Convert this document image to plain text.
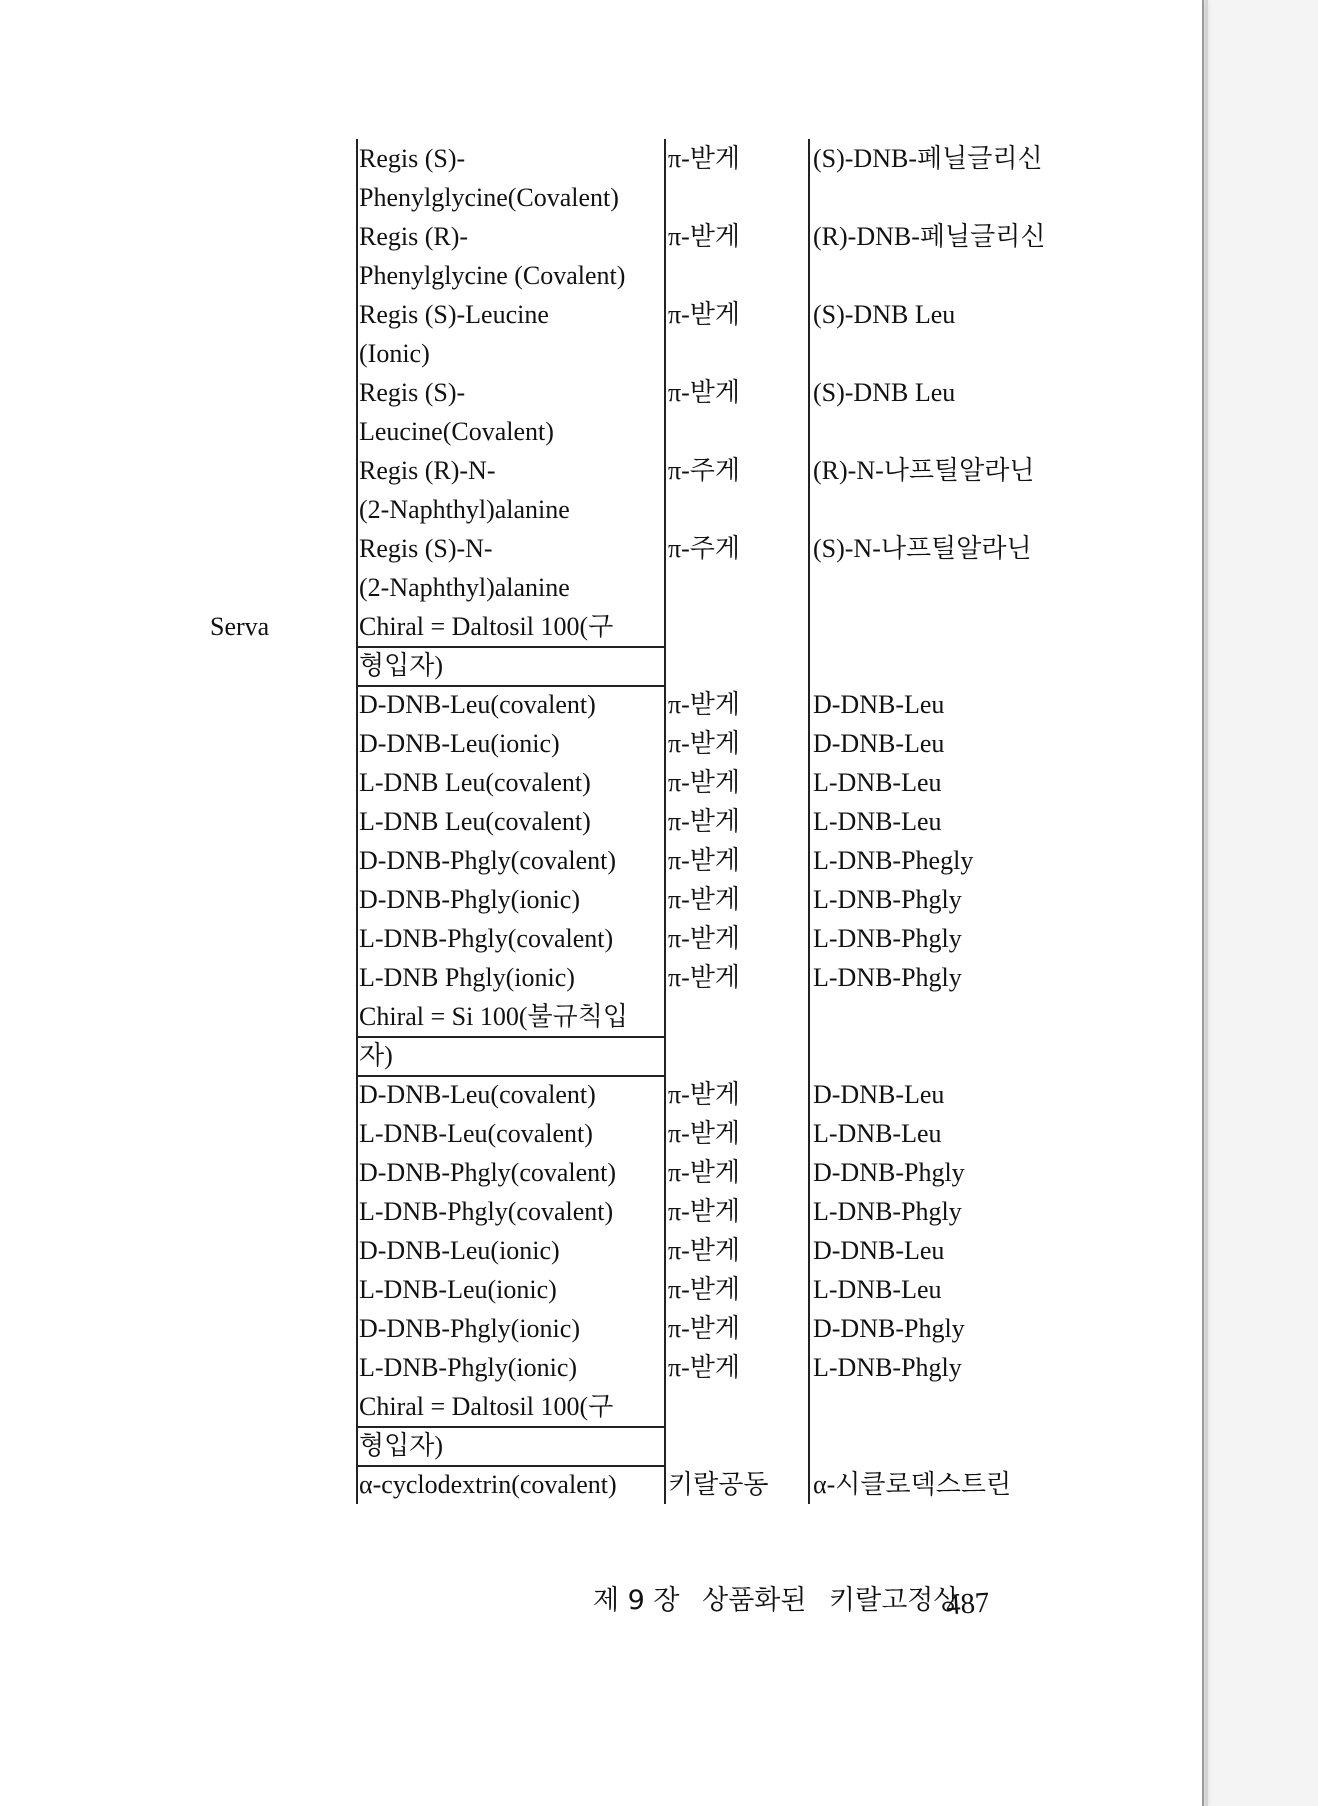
Regis (S)-	π-받게	(S)-DNB-페닐글리신
Phenylglycine(Covalent)
Regis (R)-	π-받게	(R)-DNB-페닐글리신
Phenylglycine (Covalent)
Regis (S)-Leucine	π-받게	(S)-DNB Leu
(Ionic)
Regis (S)-	π-받게	(S)-DNB Leu
Leucine(Covalent)
Regis (R)-N-	π-주게	(R)-N-나프틸알라닌
(2-Naphthyl)alanine
Regis (S)-N-	π-주게	(S)-N-나프틸알라닌
(2-Naphthyl)alanine
Serva	Chiral = Daltosil 100(구
형입자)
D-DNB-Leu(covalent)	π-받게	D-DNB-Leu
D-DNB-Leu(ionic)	π-받게	D-DNB-Leu
L-DNB Leu(covalent)	π-받게	L-DNB-Leu
L-DNB Leu(covalent)	π-받게	L-DNB-Leu
D-DNB-Phgly(covalent)	π-받게	L-DNB-Phegly
D-DNB-Phgly(ionic)	π-받게	L-DNB-Phgly
L-DNB-Phgly(covalent)	π-받게	L-DNB-Phgly
L-DNB Phgly(ionic)	π-받게	L-DNB-Phgly
Chiral = Si 100(불규칙입
자)
D-DNB-Leu(covalent)	π-받게	D-DNB-Leu
L-DNB-Leu(covalent)	π-받게	L-DNB-Leu
D-DNB-Phgly(covalent)	π-받게	D-DNB-Phgly
L-DNB-Phgly(covalent)	π-받게	L-DNB-Phgly
D-DNB-Leu(ionic)	π-받게	D-DNB-Leu
L-DNB-Leu(ionic)	π-받게	L-DNB-Leu
D-DNB-Phgly(ionic)	π-받게	D-DNB-Phgly
L-DNB-Phgly(ionic)	π-받게	L-DNB-Phgly
Chiral = Daltosil 100(구
형입자)
α-cyclodextrin(covalent)	키랄공동	α-시클로덱스트린
제 9 장 상품화된 키랄고정상
487
